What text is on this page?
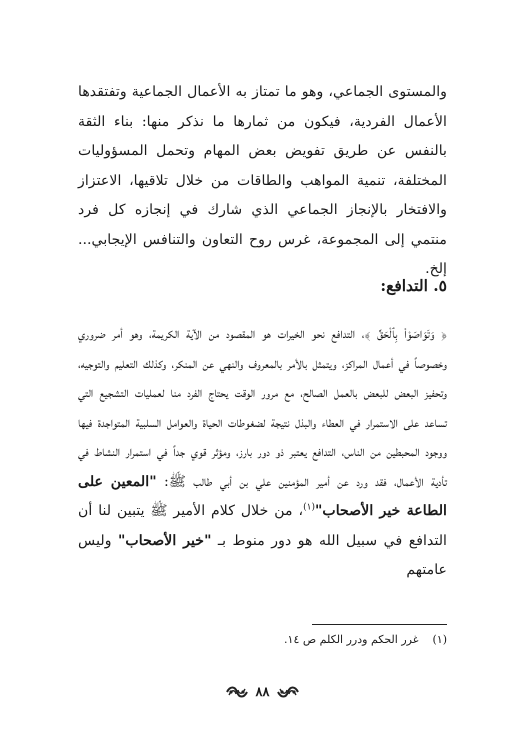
والمستوى الجماعي، وهو ما تمتاز به الأعمال الجماعية وتفتقدها الأعمال الفردية، فيكون من ثمارها ما نذكر منها: بناء الثقة بالنفس عن طريق تفويض بعض المهام وتحمل المسؤوليات المختلفة، تنمية المواهب والطاقات من خلال تلاقيها، الاعتزاز والافتخار بالإنجاز الجماعي الذي شارك في إنجازه كل فرد منتمي إلى المجموعة، غرس روح التعاون والتنافس الإيجابي... إلخ.

٥. التدافع:

﴿ وَتَوَاصَوْاْ بِٱلْحَقِّ ﴾، التدافع نحو الخيرات هو المقصود من الآية الكريمة، وهو أمر ضروري وخصوصاً في أعمال المراكز، ويتمثل بالأمر بالمعروف والنهي عن المنكر، وكذلك التعليم والتوجيه، وتحفيز البعض للبعض بالعمل الصالح، مع مرور الوقت يحتاج الفرد منا لعمليات التشجيع التي تساعد على الاستمرار في العطاء والبذل نتيجة لضغوطات الحياة والعوامل السلبية المتواجدة فيها ووجود المحبطين من الناس، التدافع يعتبر ذو دور بارز، ومؤثر قوي جداً في استمرار النشاط في تأدية الأعمال، فقد ورد عن أمير المؤمنين علي بن أبي طالب ﷺ: "المعين على الطاعة خير الأصحاب"$^{(١)}$، من خلال كلام الأمير ﷺ يتبين لنا أن التدافع في سبيل الله هو دور منوط بـ "خير الأصحاب" وليس عامتهم

(١)غرر الحكم ودرر الكلم ص ١٤.
٨٨
